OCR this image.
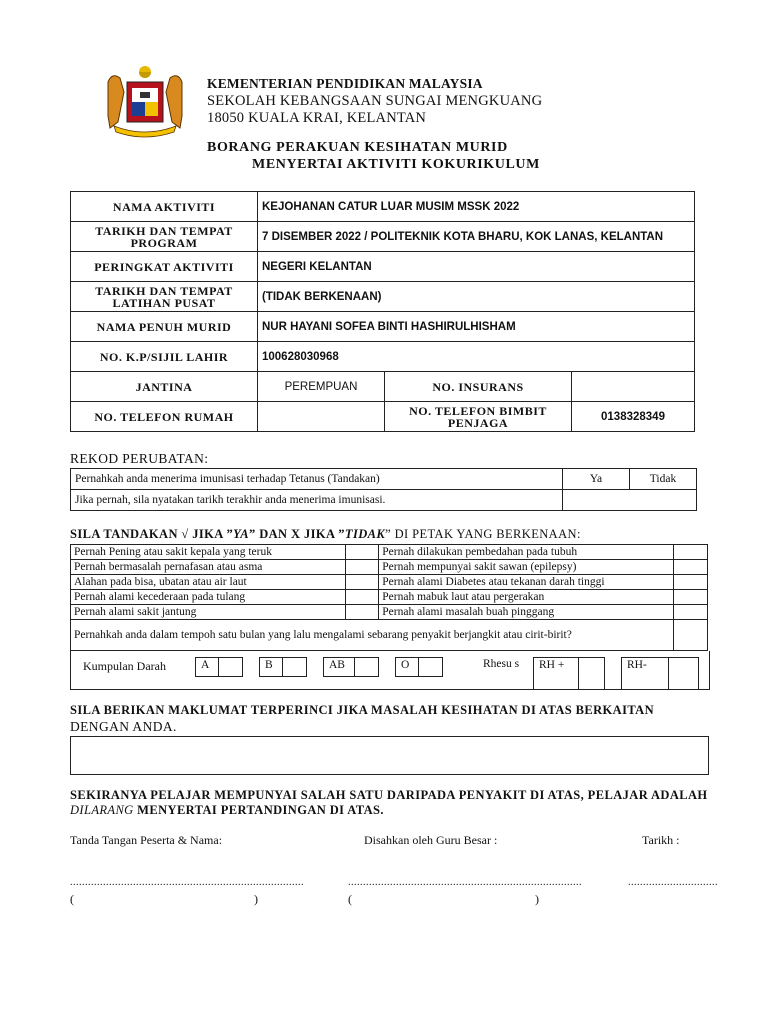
KEMENTERIAN PENDIDIKAN MALAYSIA
SEKOLAH KEBANGSAAN SUNGAI MENGKUANG
18050 KUALA KRAI, KELANTAN
BORANG PERAKUAN KESIHATAN MURID
MENYERTAI AKTIVITI KOKURIKULUM
NAMA AKTIVITI	KEJOHANAN CATUR LUAR MUSIM MSSK 2022		
TARIKH DAN TEMPAT PROGRAM	7 DISEMBER 2022 / POLITEKNIK KOTA BHARU, KOK LANAS, KELANTAN		
PERINGKAT AKTIVITI	NEGERI KELANTAN		
TARIKH DAN TEMPAT LATIHAN PUSAT	(TIDAK BERKENAAN)		
NAMA PENUH MURID	NUR HAYANI SOFEA BINTI HASHIRULHISHAM		
NO. K.P/SIJIL LAHIR	100628030968		
JANTINA	PEREMPUAN	NO. INSURANS	
NO. TELEFON RUMAH		NO. TELEFON BIMBIT PENJAGA	0138328349
REKOD PERUBATAN:
Pernahkah anda menerima imunisasi terhadap Tetanus (Tandakan)	Ya	Tidak
Jika pernah, sila nyatakan tarikh terakhir anda menerima imunisasi.		
SILA TANDAKAN √ JIKA ”YA” DAN X JIKA ”TIDAK” DI PETAK YANG BERKENAAN:
Pernah Pening atau sakit kepala yang teruk		Pernah dilakukan pembedahan pada tubuh	
Pernah bermasalah pernafasan atau asma		Pernah mempunyai sakit sawan (epilepsy)	
Alahan pada bisa, ubatan atau air laut		Pernah alami Diabetes atau tekanan darah tinggi	
Pernah alami kecederaan pada tulang		Pernah mabuk laut atau pergerakan	
Pernah alami sakit jantung		Pernah alami masalah buah pinggang	
Pernahkah anda dalam tempoh satu bulan yang lalu mengalami sebarang penyakit berjangkit atau cirit-birit?			
Kumpulan Darah	A	B	AB	O	Rhesu s	RH +	RH-
SILA BERIKAN MAKLUMAT TERPERINCI JIKA MASALAH KESIHATAN DI ATAS BERKAITAN
DENGAN ANDA.
SEKIRANYA PELAJAR MEMPUNYAI SALAH SATU DARIPADA PENYAKIT DI ATAS, PELAJAR ADALAH
DILARANG MENYERTAI PERTANDINGAN DI ATAS.
Tanda Tangan Peserta & Nama:	Disahkan oleh Guru Besar :	Tarikh :
..............................................................................	..............................................................................	..............................
(	)	(	)
